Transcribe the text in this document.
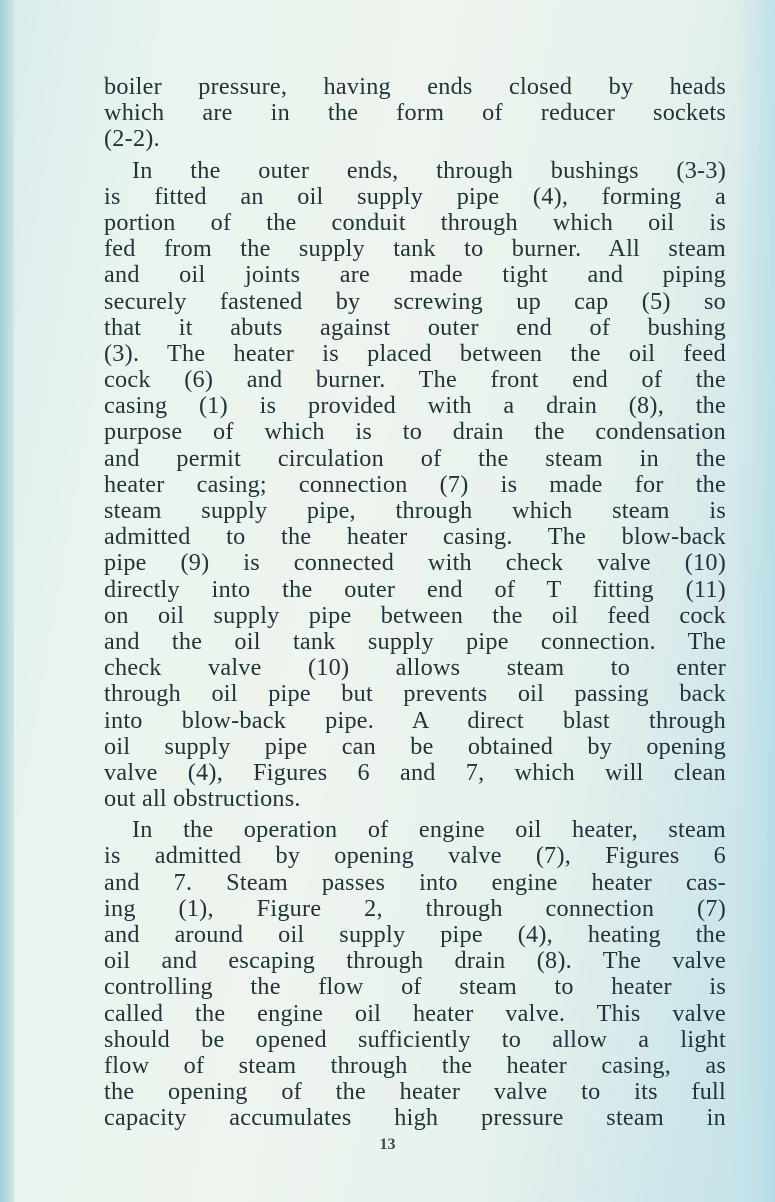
boiler pressure, having ends closed by heads
which are in the form of reducer sockets
(2-2).
In the outer ends, through bushings (3-3)
is fitted an oil supply pipe (4), forming a
portion of the conduit through which oil is
fed from the supply tank to burner. All steam
and oil joints are made tight and piping
securely fastened by screwing up cap (5) so
that it abuts against outer end of bushing
(3). The heater is placed between the oil feed
cock (6) and burner. The front end of the
casing (1) is provided with a drain (8), the
purpose of which is to drain the condensation
and permit circulation of the steam in the
heater casing; connection (7) is made for the
steam supply pipe, through which steam is
admitted to the heater casing. The blow-back
pipe (9) is connected with check valve (10)
directly into the outer end of T fitting (11)
on oil supply pipe between the oil feed cock
and the oil tank supply pipe connection. The
check valve (10) allows steam to enter
through oil pipe but prevents oil passing back
into blow-back pipe. A direct blast through
oil supply pipe can be obtained by opening
valve (4), Figures 6 and 7, which will clean
out all obstructions.
In the operation of engine oil heater, steam
is admitted by opening valve (7), Figures 6
and 7. Steam passes into engine heater cas-
ing (1), Figure 2, through connection (7)
and around oil supply pipe (4), heating the
oil and escaping through drain (8). The valve
controlling the flow of steam to heater is
called the engine oil heater valve. This valve
should be opened sufficiently to allow a light
flow of steam through the heater casing, as
the opening of the heater valve to its full
capacity accumulates high pressure steam in
13
